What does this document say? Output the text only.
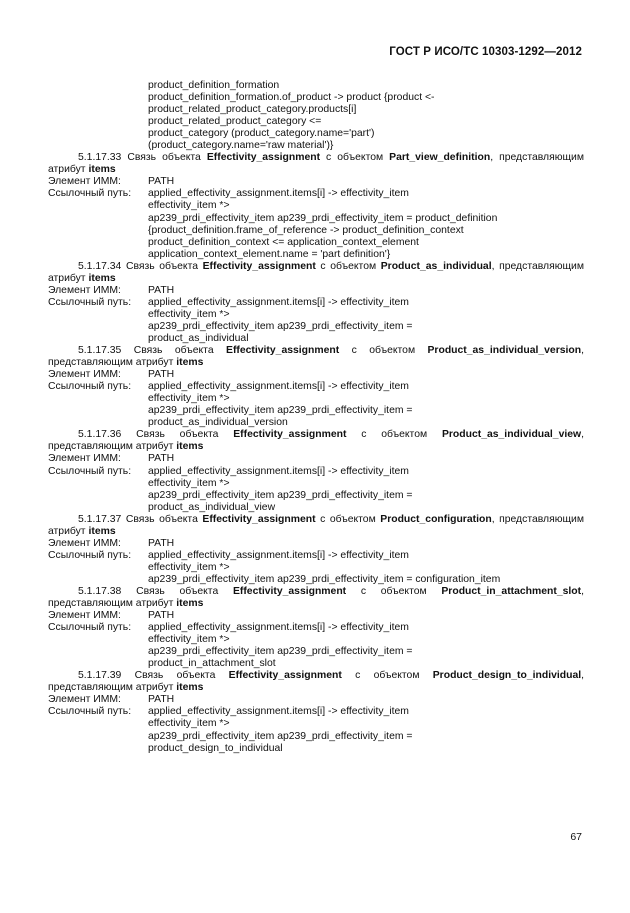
ГОСТ Р ИСО/ТС 10303-1292—2012
product_definition_formation
product_definition_formation.of_product -> product {product <-
product_related_product_category.products[i]
product_related_product_category <=
product_category (product_category.name='part')
(product_category.name='raw material')}
5.1.17.33 Связь объекта Effectivity_assignment с объектом Part_view_definition, представляющим атрибут items
Элемент ИММ:	PATH
Ссылочный путь:	applied_effectivity_assignment.items[i] -> effectivity_item
effectivity_item *>
ap239_prdi_effectivity_item ap239_prdi_effectivity_item = product_definition
{product_definition.frame_of_reference -> product_definition_context
product_definition_context <= application_context_element
application_context_element.name = 'part definition'}
5.1.17.34 Связь объекта Effectivity_assignment с объектом Product_as_individual, представляющим атрибут items
Элемент ИММ:	PATH
Ссылочный путь:	applied_effectivity_assignment.items[i] -> effectivity_item
effectivity_item *>
ap239_prdi_effectivity_item ap239_prdi_effectivity_item =
product_as_individual
5.1.17.35 Связь объекта Effectivity_assignment с объектом Product_as_individual_version, представляющим атрибут items
Элемент ИММ:	PATH
Ссылочный путь:	applied_effectivity_assignment.items[i] -> effectivity_item
effectivity_item *>
ap239_prdi_effectivity_item ap239_prdi_effectivity_item =
product_as_individual_version
5.1.17.36 Связь объекта Effectivity_assignment с объектом Product_as_individual_view, представляющим атрибут items
Элемент ИММ:	PATH
Ссылочный путь:	applied_effectivity_assignment.items[i] -> effectivity_item
effectivity_item *>
ap239_prdi_effectivity_item ap239_prdi_effectivity_item =
product_as_individual_view
5.1.17.37 Связь объекта Effectivity_assignment с объектом Product_configuration, представляющим атрибут items
Элемент ИММ:	PATH
Ссылочный путь:	applied_effectivity_assignment.items[i] -> effectivity_item
effectivity_item *>
ap239_prdi_effectivity_item ap239_prdi_effectivity_item = configuration_item
5.1.17.38 Связь объекта Effectivity_assignment с объектом Product_in_attachment_slot, представляющим атрибут items
Элемент ИММ:	PATH
Ссылочный путь:	applied_effectivity_assignment.items[i] -> effectivity_item
effectivity_item *>
ap239_prdi_effectivity_item ap239_prdi_effectivity_item =
product_in_attachment_slot
5.1.17.39 Связь объекта Effectivity_assignment с объектом Product_design_to_individual, представляющим атрибут items
Элемент ИММ:	PATH
Ссылочный путь:	applied_effectivity_assignment.items[i] -> effectivity_item
effectivity_item *>
ap239_prdi_effectivity_item ap239_prdi_effectivity_item =
product_design_to_individual
67
